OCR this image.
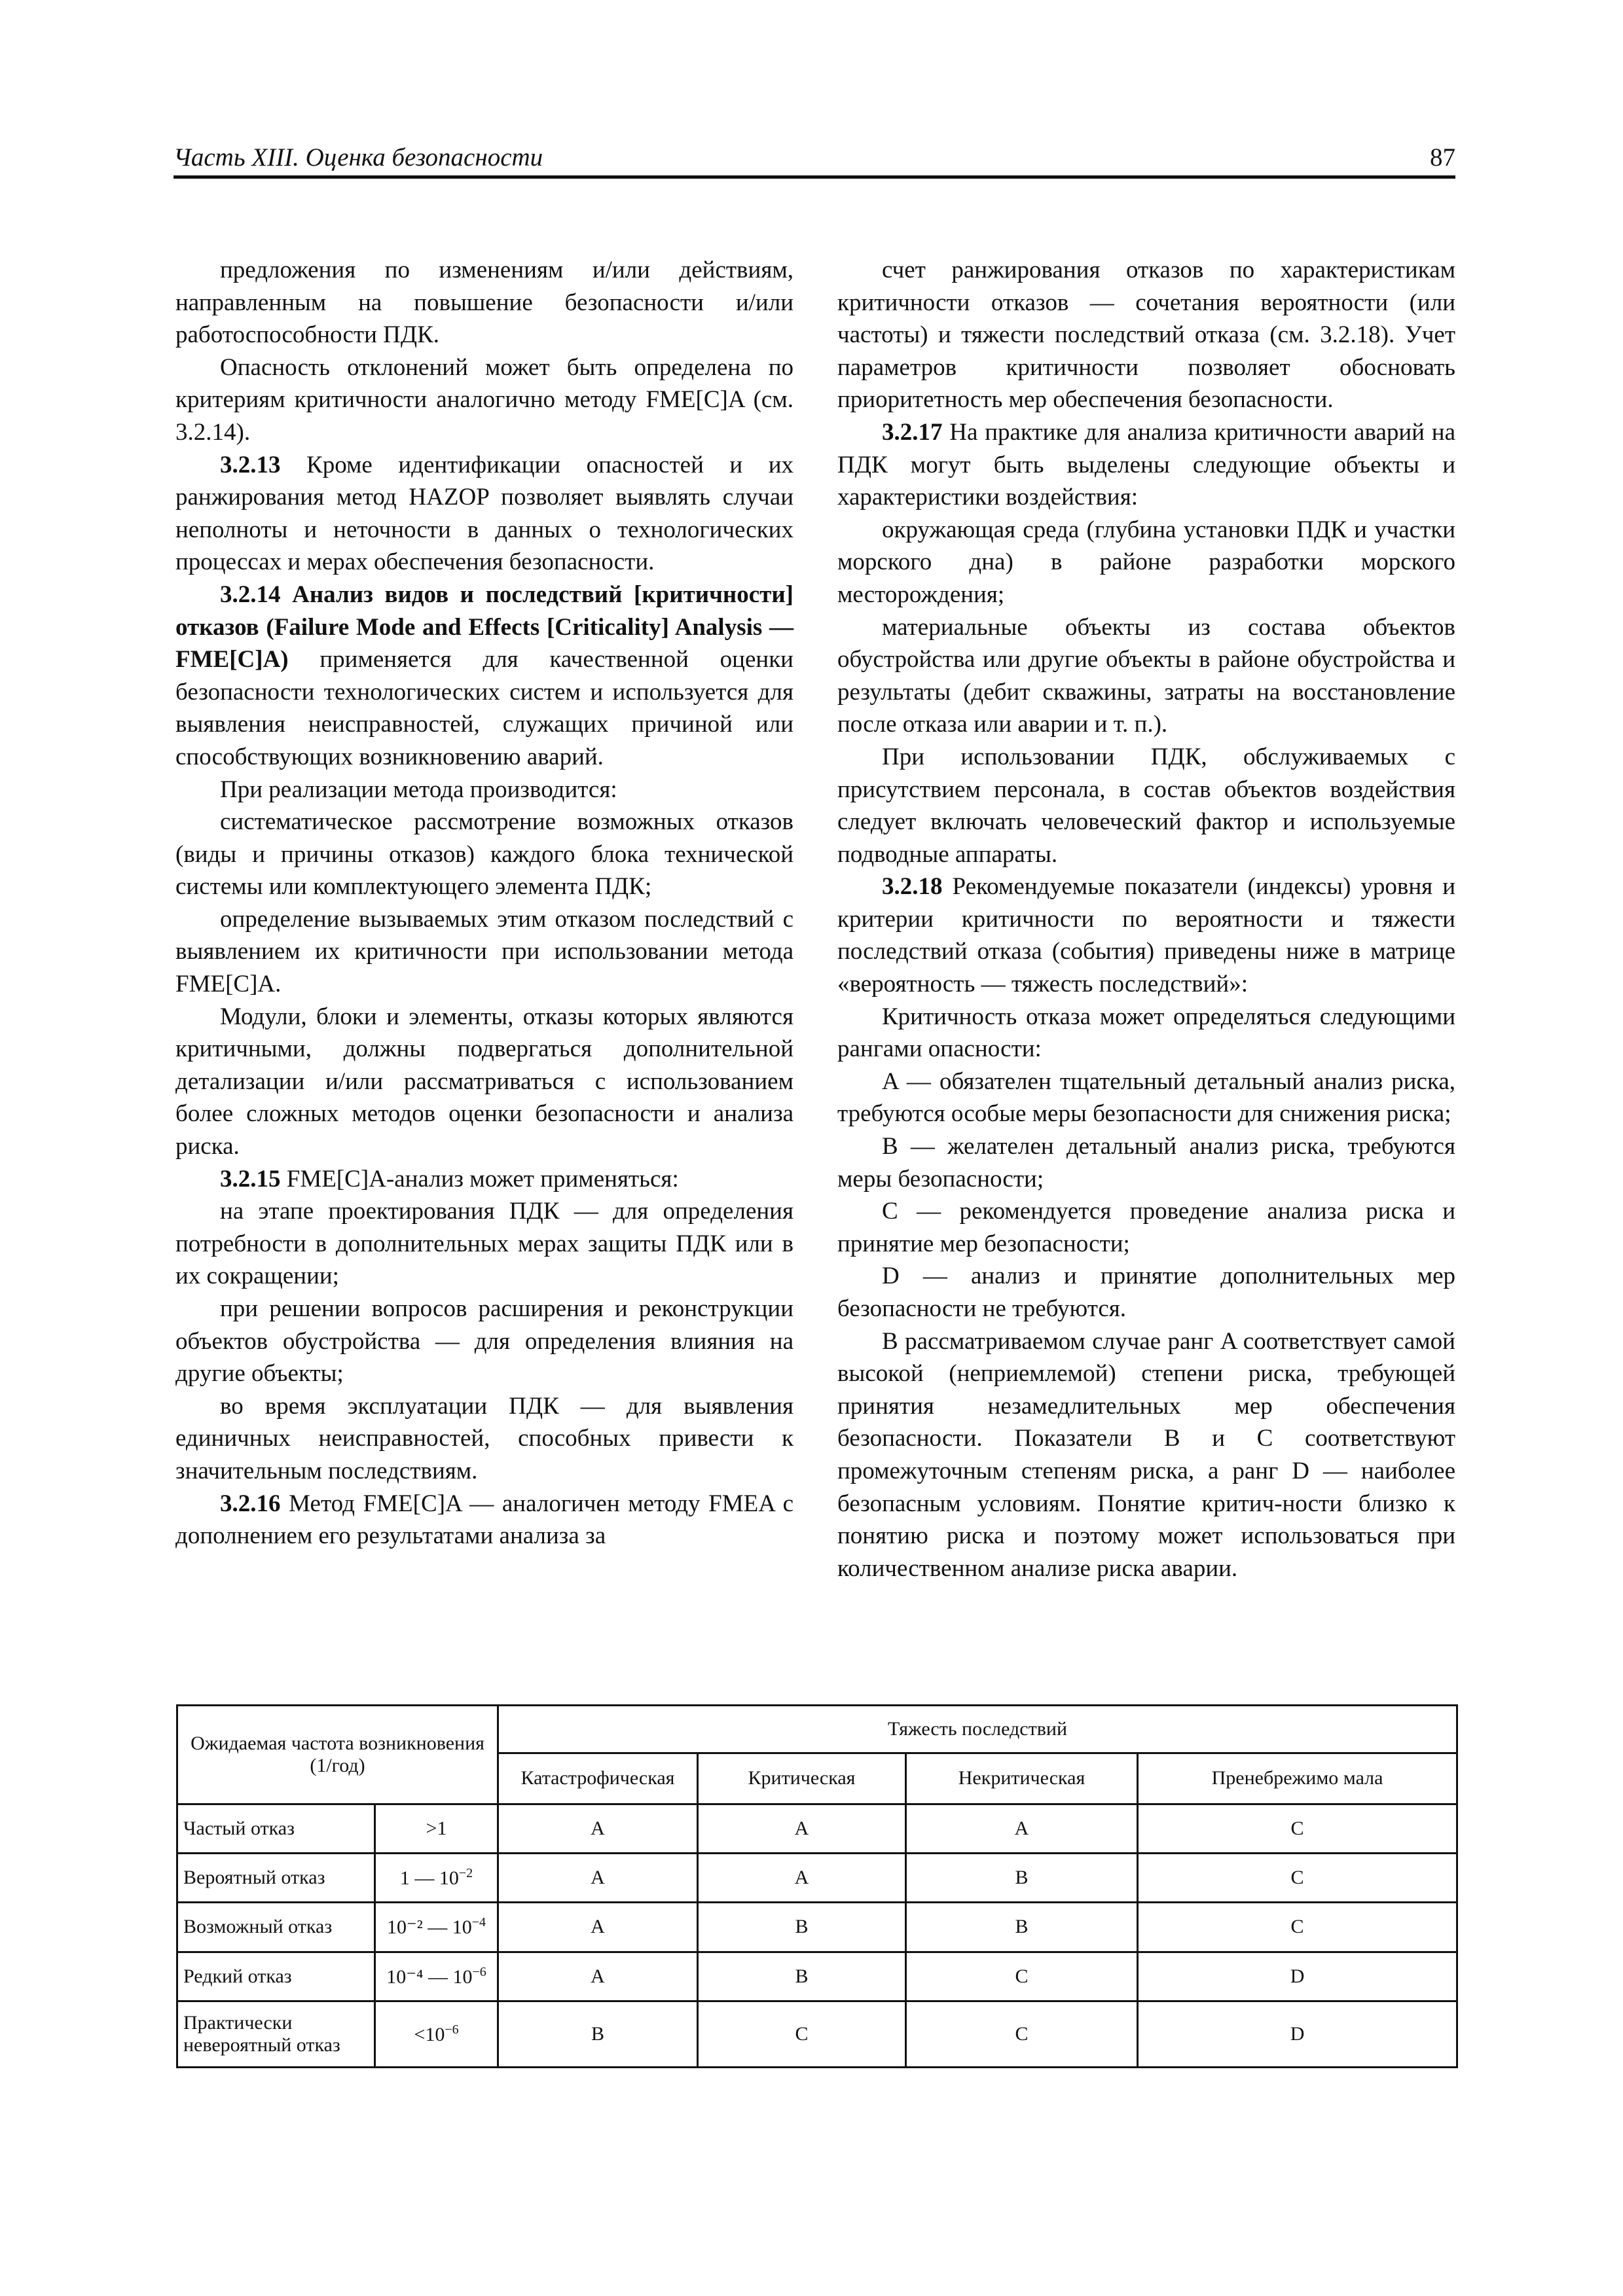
Часть XIII. Оценка безопасности	87

предложения по изменениям и/или действиям, направленным на повышение безопасности и/или работоспособности ПДК.

Опасность отклонений может быть определена по критериям критичности аналогично методу FME[C]A (см. 3.2.14).

3.2.13 Кроме идентификации опасностей и их ранжирования метод HAZOP позволяет выявлять случаи неполноты и неточности в данных о технологических процессах и мерах обеспечения безопасности.

3.2.14 Анализ видов и последствий [критичности] отказов (Failure Mode and Effects [Criticality] Analysis — FME[C]A) применяется для качественной оценки безопасности технологических систем и используется для выявления неисправностей, служащих причиной или способствующих возникновению аварий.

При реализации метода производится:

систематическое рассмотрение возможных отказов (виды и причины отказов) каждого блока технической системы или комплектующего элемента ПДК;

определение вызываемых этим отказом последствий с выявлением их критичности при использовании метода FME[C]A.

Модули, блоки и элементы, отказы которых являются критичными, должны подвергаться дополнительной детализации и/или рассматриваться с использованием более сложных методов оценки безопасности и анализа риска.

3.2.15 FME[C]A-анализ может применяться:

на этапе проектирования ПДК — для определения потребности в дополнительных мерах защиты ПДК или в их сокращении;

при решении вопросов расширения и реконструкции объектов обустройства — для определения влияния на другие объекты;

во время эксплуатации ПДК — для выявления единичных неисправностей, способных привести к значительным последствиям.

3.2.16 Метод FME[C]A — аналогичен методу FMEA с дополнением его результатами анализа за

счет ранжирования отказов по характеристикам критичности отказов — сочетания вероятности (или частоты) и тяжести последствий отказа (см. 3.2.18). Учет параметров критичности позволяет обосновать приоритетность мер обеспечения безопасности.

3.2.17 На практике для анализа критичности аварий на ПДК могут быть выделены следующие объекты и характеристики воздействия:

окружающая среда (глубина установки ПДК и участки морского дна) в районе разработки морского месторождения;

материальные объекты из состава объектов обустройства или другие объекты в районе обустройства и результаты (дебит скважины, затраты на восстановление после отказа или аварии и т. п.).

При использовании ПДК, обслуживаемых с присутствием персонала, в состав объектов воздействия следует включать человеческий фактор и используемые подводные аппараты.

3.2.18 Рекомендуемые показатели (индексы) уровня и критерии критичности по вероятности и тяжести последствий отказа (события) приведены ниже в матрице «вероятность — тяжесть последствий»:

Критичность отказа может определяться следующими рангами опасности:

A — обязателен тщательный детальный анализ риска, требуются особые меры безопасности для снижения риска;

B — желателен детальный анализ риска, требуются меры безопасности;

C — рекомендуется проведение анализа риска и принятие мер безопасности;

D — анализ и принятие дополнительных мер безопасности не требуются.

В рассматриваемом случае ранг A соответствует самой высокой (неприемлемой) степени риска, требующей принятия незамедлительных мер обеспечения безопасности. Показатели B и C соответствуют промежуточным степеням риска, а ранг D — наиболее безопасным условиям. Понятие критич-ности близко к понятию риска и поэтому может использоваться при количественном анализе риска аварии.

Ожидаемая частота возникновения (1/год)		Тяжесть последствий			
		Катастрофическая	Критическая	Некритическая	Пренебрежимо мала
Частый отказ	>1	A	A	A	C
Вероятный отказ	1 — $10^{-2}$	A	A	B	C
Возможный отказ	10⁻² — $10^{-4}$	A	B	B	C
Редкий отказ	10⁻⁴ — $10^{-6}$	A	B	C	D
Практически невероятный отказ	$<10^{-6}$	B	C	C	D
